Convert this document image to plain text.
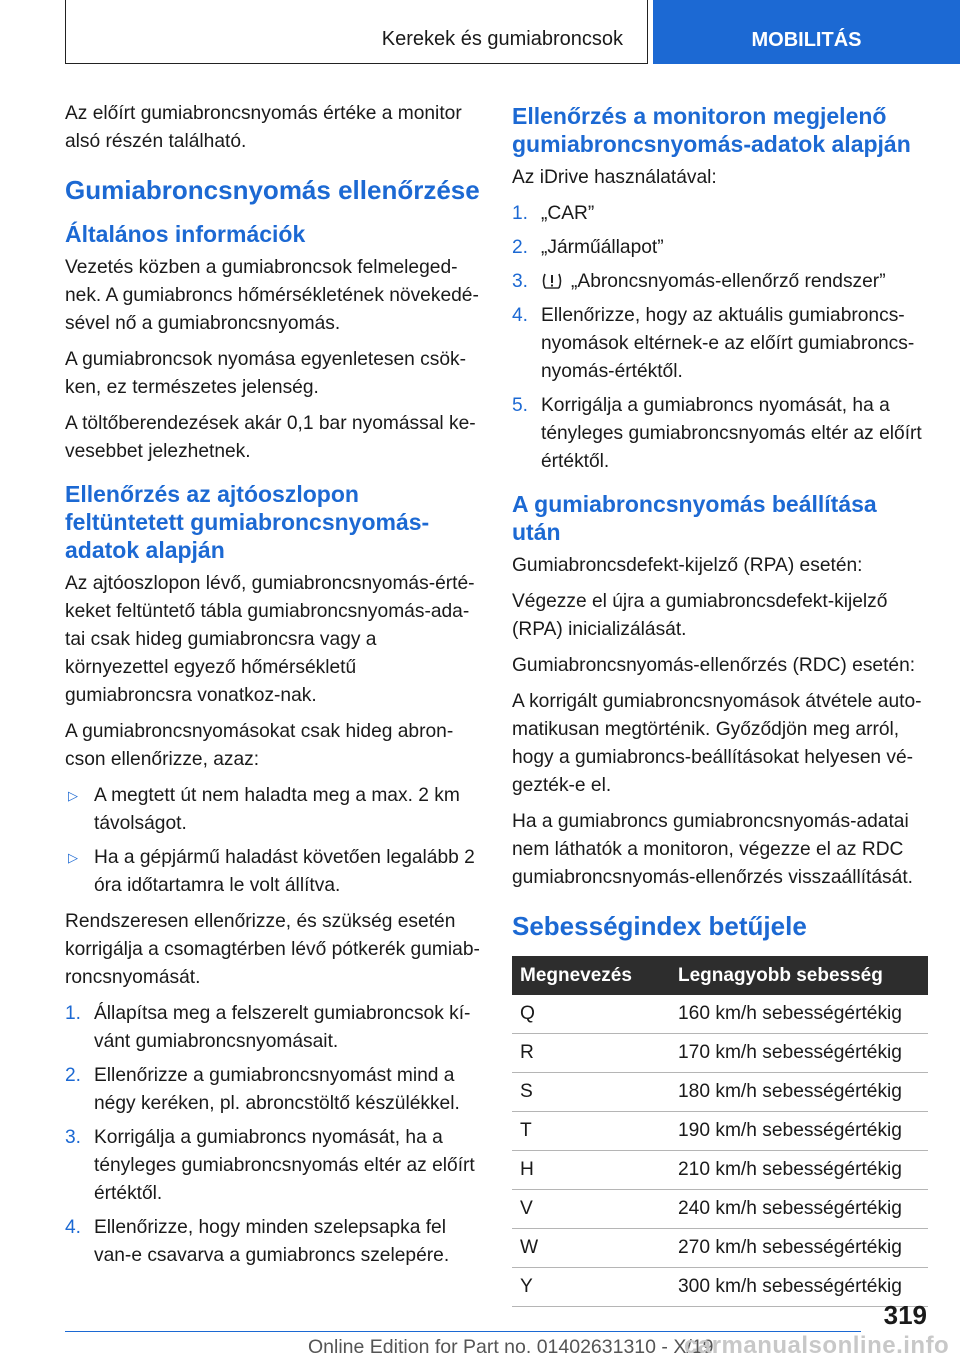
Kerekek és gumiabroncsok	MOBILITÁS

Az előírt gumiabroncsnyomás értéke a monitor alsó részén található.

Gumiabroncsnyomás ellenőrzése
Általános információk

Vezetés közben a gumiabroncsok felmeleged-nek. A gumiabroncs hőmérsékletének növekedé-sével nő a gumiabroncsnyomás.

A gumiabroncsok nyomása egyenletesen csök-ken, ez természetes jelenség.

A töltőberendezések akár 0,1 bar nyomással ke-vesebbet jelezhetnek.

Ellenőrzés az ajtóoszlopon feltüntetett gumiabroncsnyomás-adatok alapján

Az ajtóoszlopon lévő, gumiabroncsnyomás-érté-keket feltüntető tábla gumiabroncsnyomás-ada-tai csak hideg gumiabroncsra vagy a környezettel egyező hőmérsékletű gumiabroncsra vonatkoz-nak.

A gumiabroncsnyomásokat csak hideg abron-cson ellenőrizze, azaz:

▷ A megtett út nem haladta meg a max. 2 km távolságot.
▷ Ha a gépjármű haladást követően legalább 2 óra időtartamra le volt állítva.

Rendszeresen ellenőrizze, és szükség esetén korrigálja a csomagtérben lévő pótkerék gumiab-roncsnyomását.

1. Állapítsa meg a felszerelt gumiabroncsok kí-vánt gumiabroncsnyomásait.
2. Ellenőrizze a gumiabroncsnyomást mind a négy keréken, pl. abroncstöltő készülékkel.
3. Korrigálja a gumiabroncs nyomását, ha a tényleges gumiabroncsnyomás eltér az előírt értéktől.
4. Ellenőrizze, hogy minden szelepsapka fel van-e csavarva a gumiabroncs szelepére.
Ellenőrzés a monitoron megjelenő gumiabroncsnyomás-adatok alapján

Az iDrive használatával:

1. „CAR”
2. „Járműállapot”
3. „Abroncsnyomás-ellenőrző rendszer”
4. Ellenőrizze, hogy az aktuális gumiabroncs-nyomások eltérnek-e az előírt gumiabroncs-nyomás-értéktől.
5. Korrigálja a gumiabroncs nyomását, ha a tényleges gumiabroncsnyomás eltér az előírt értéktől.
A gumiabroncsnyomás beállítása után

Gumiabroncsdefekt-kijelző (RPA) esetén:

Végezze el újra a gumiabroncsdefekt-kijelző (RPA) inicializálását.

Gumiabroncsnyomás-ellenőrzés (RDC) esetén:

A korrigált gumiabroncsnyomások átvétele auto-matikusan megtörténik. Győződjön meg arról, hogy a gumiabroncs-beállításokat helyesen vé-gezték-e el.

Ha a gumiabroncs gumiabroncsnyomás-adatai nem láthatók a monitoron, végezze el az RDC gumiabroncsnyomás-ellenőrzés visszaállítását.

Sebességindex betűjele
Megnevezés	Legnagyobb sebesség
Q	160 km/h sebességértékig
R	170 km/h sebességértékig
S	180 km/h sebességértékig
T	190 km/h sebességértékig
H	210 km/h sebességértékig
V	240 km/h sebességértékig
W	270 km/h sebességértékig
Y	300 km/h sebességértékig
319
Online Edition for Part no. 01402631310 - X/19
carmanualsonline.info
